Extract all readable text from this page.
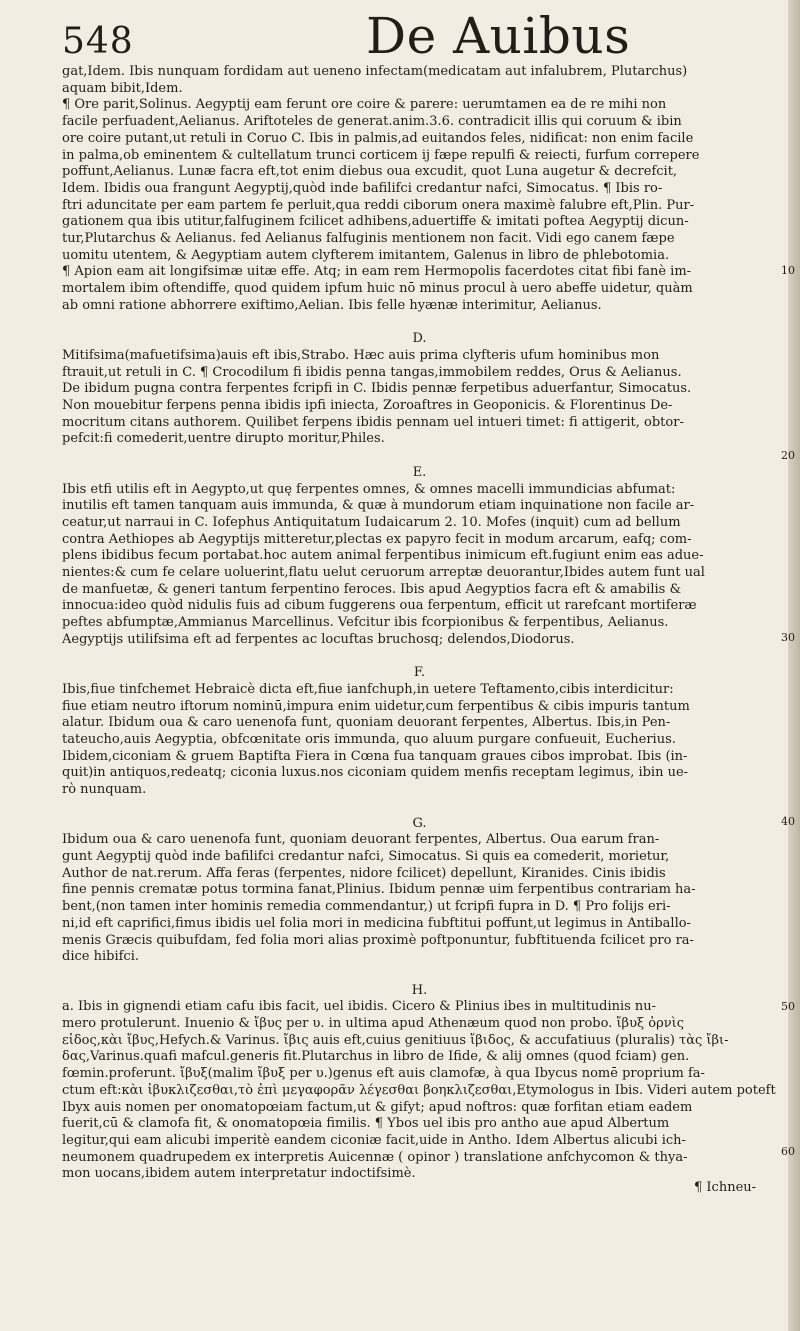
548	De Auibus
gat,Idem. Ibis nunquam fordidam aut ueneno infectam(medicatam aut infalubrem, Plutarchus)
aquam bibit,Idem.
¶ Ore parit,Solinus. Aegyptij eam ferunt ore coire & parere: uerumtamen ea de re mihi non
facile perfuadent,Aelianus. Ariftoteles de generat.anim.3.6. contradicit illis qui coruum & ibin
ore coire putant,ut retuli in Coruo C. Ibis in palmis,ad euitandos feles, nidificat: non enim facile
in palma,ob eminentem & cultellatum trunci corticem ij fæpe repulfi & reiecti, furfum correpere
poffunt,Aelianus. Lunæ facra eft,tot enim diebus oua excudit, quot Luna augetur & decrefcit,
Idem. Ibidis oua frangunt Aegyptij,quòd inde bafilifci credantur nafci, Simocatus. ¶ Ibis ro-
ftri aduncitate per eam partem fe perluit,qua reddi ciborum onera maximè falubre eft,Plin. Pur-
gationem qua ibis utitur,falfuginem fcilicet adhibens,aduertiffe & imitati poftea Aegyptij dicun-
tur,Plutarchus & Aelianus. fed Aelianus falfuginis mentionem non facit. Vidi ego canem fæpe
uomitu utentem, & Aegyptiam autem clyfterem imitantem, Galenus in libro de phlebotomia.
¶ Apion eam ait longifsimæ uitæ effe. Atq; in eam rem Hermopolis facerdotes citat fibi fanè im-
mortalem ibim oftendiffe, quod quidem ipfum huic nō minus procul à uero abeffe uidetur, quàm
ab omni ratione abhorrere exiftimo,Aelian. Ibis felle hyænæ interimitur, Aelianus.
D.
Mitifsima(mafuetifsima)auis eft ibis,Strabo. Hæc auis prima clyfteris ufum hominibus mon
ftrauit,ut retuli in C. ¶ Crocodilum fi ibidis penna tangas,immobilem reddes, Orus & Aelianus.
De ibidum pugna contra ferpentes fcripfi in C. Ibidis pennæ ferpetibus aduerfantur, Simocatus.
Non mouebitur ferpens penna ibidis ipfi iniecta, Zoroaftres in Geoponicis. & Florentinus De-
mocritum citans authorem. Quilibet ferpens ibidis pennam uel intueri timet: fi attigerit, obtor-
pefcit:fi comederit,uentre dirupto moritur,Philes.
E.
Ibis etfi utilis eft in Aegypto,ut quę ferpentes omnes, & omnes macelli immundicias abfumat:
inutilis eft tamen tanquam auis immunda, & quæ à mundorum etiam inquinatione non facile ar-
ceatur,ut narraui in C. Iofephus Antiquitatum Iudaicarum 2. 10. Mofes (inquit) cum ad bellum
contra Aethiopes ab Aegyptijs mitteretur,plectas ex papyro fecit in modum arcarum, eafq; com-
plens ibidibus fecum portabat.hoc autem animal ferpentibus inimicum eft.fugiunt enim eas adue-
nientes:& cum fe celare uoluerint,flatu uelut ceruorum arreptæ deuorantur,Ibides autem funt ual
de manfuetæ, & generi tantum ferpentino feroces. Ibis apud Aegyptios facra eft & amabilis &
innocua:ideo quòd nidulis fuis ad cibum fuggerens oua ferpentum, efficit ut rarefcant mortiferæ
peftes abfumptæ,Ammianus Marcellinus. Vefcitur ibis fcorpionibus & ferpentibus, Aelianus.
Aegyptijs utilifsima eft ad ferpentes ac locuftas bruchosq; delendos,Diodorus.
F.
Ibis,fiue tinfchemet Hebraicè dicta eft,fiue ianfchuph,in uetere Teftamento,cibis interdicitur:
fiue etiam neutro iftorum nominū,impura enim uidetur,cum ferpentibus & cibis impuris tantum
alatur. Ibidum oua & caro uenenofa funt, quoniam deuorant ferpentes, Albertus. Ibis,in Pen-
tateucho,auis Aegyptia, obfcœnitate oris immunda, quo aluum purgare confueuit, Eucherius.
Ibidem,ciconiam & gruem Baptifta Fiera in Cœna fua tanquam graues cibos improbat. Ibis (in-
quit)in antiquos,redeatq; ciconia luxus.nos ciconiam quidem menfis receptam legimus, ibin ue-
rò nunquam.
G.
Ibidum oua & caro uenenofa funt, quoniam deuorant ferpentes, Albertus. Oua earum fran-
gunt Aegyptij quòd inde bafilifci credantur nafci, Simocatus. Si quis ea comederit, morietur,
Author de nat.rerum. Affa feras (ferpentes, nidore fcilicet) depellunt, Kiranides. Cinis ibidis
fine pennis crematæ potus tormina fanat,Plinius. Ibidum pennæ uim ferpentibus contrariam ha-
bent,(non tamen inter hominis remedia commendantur,) ut fcripfi fupra in D. ¶ Pro folijs eri-
ni,id eft caprifici,fimus ibidis uel folia mori in medicina fubftitui poffunt,ut legimus in Antiballo-
menis Græcis quibufdam, fed folia mori alias proximè poftponuntur, fubftituenda fcilicet pro ra-
dice hibifci.
H.
a. Ibis in gignendi etiam cafu ibis facit, uel ibidis. Cicero & Plinius ibes in multitudinis nu-
mero protulerunt. Inuenio & ἴβυς per υ. in ultima apud Athenæum quod non probo. ἴβυξ ὀρνὶς
εἶδος,κὰι ἴβυς,Hefych.& Varinus. ἴβις auis eft,cuius genitiuus ἴβιδος, & accufatiuus (pluralis) τὰς ἴβι-
δας,Varinus.quafi mafcul.generis fit.Plutarchus in libro de Ifide, & alij omnes (quod fciam) gen.
fœmin.proferunt. ἴβυξ(malim ἴβυξ per υ.)genus eft auis clamofæ, à qua Ibycus nomē proprium fa-
ctum eft:κὰι ἰβυκλιζεσθαι,τὸ ἐπὶ μεγαφορᾶν λέγεσθαι βοηκλιζεσθαι,Etymologus in Ibis. Videri autem poteft
Ibyx auis nomen per onomatopœiam factum,ut & gifyt; apud noftros: quæ forfitan etiam eadem
fuerit,cū & clamofa fit, & onomatopœia fimilis. ¶ Ybos uel ibis pro antho aue apud Albertum
legitur,qui eam alicubi imperitè eandem ciconiæ facit,uide in Antho. Idem Albertus alicubi ich-
neumonem quadrupedem ex interpretis Auicennæ ( opinor ) translatione anfchycomon & thya-
mon uocans,ibidem autem interpretatur indoctifsimè.
10
20
30
40
50
60
¶ Ichneu-
